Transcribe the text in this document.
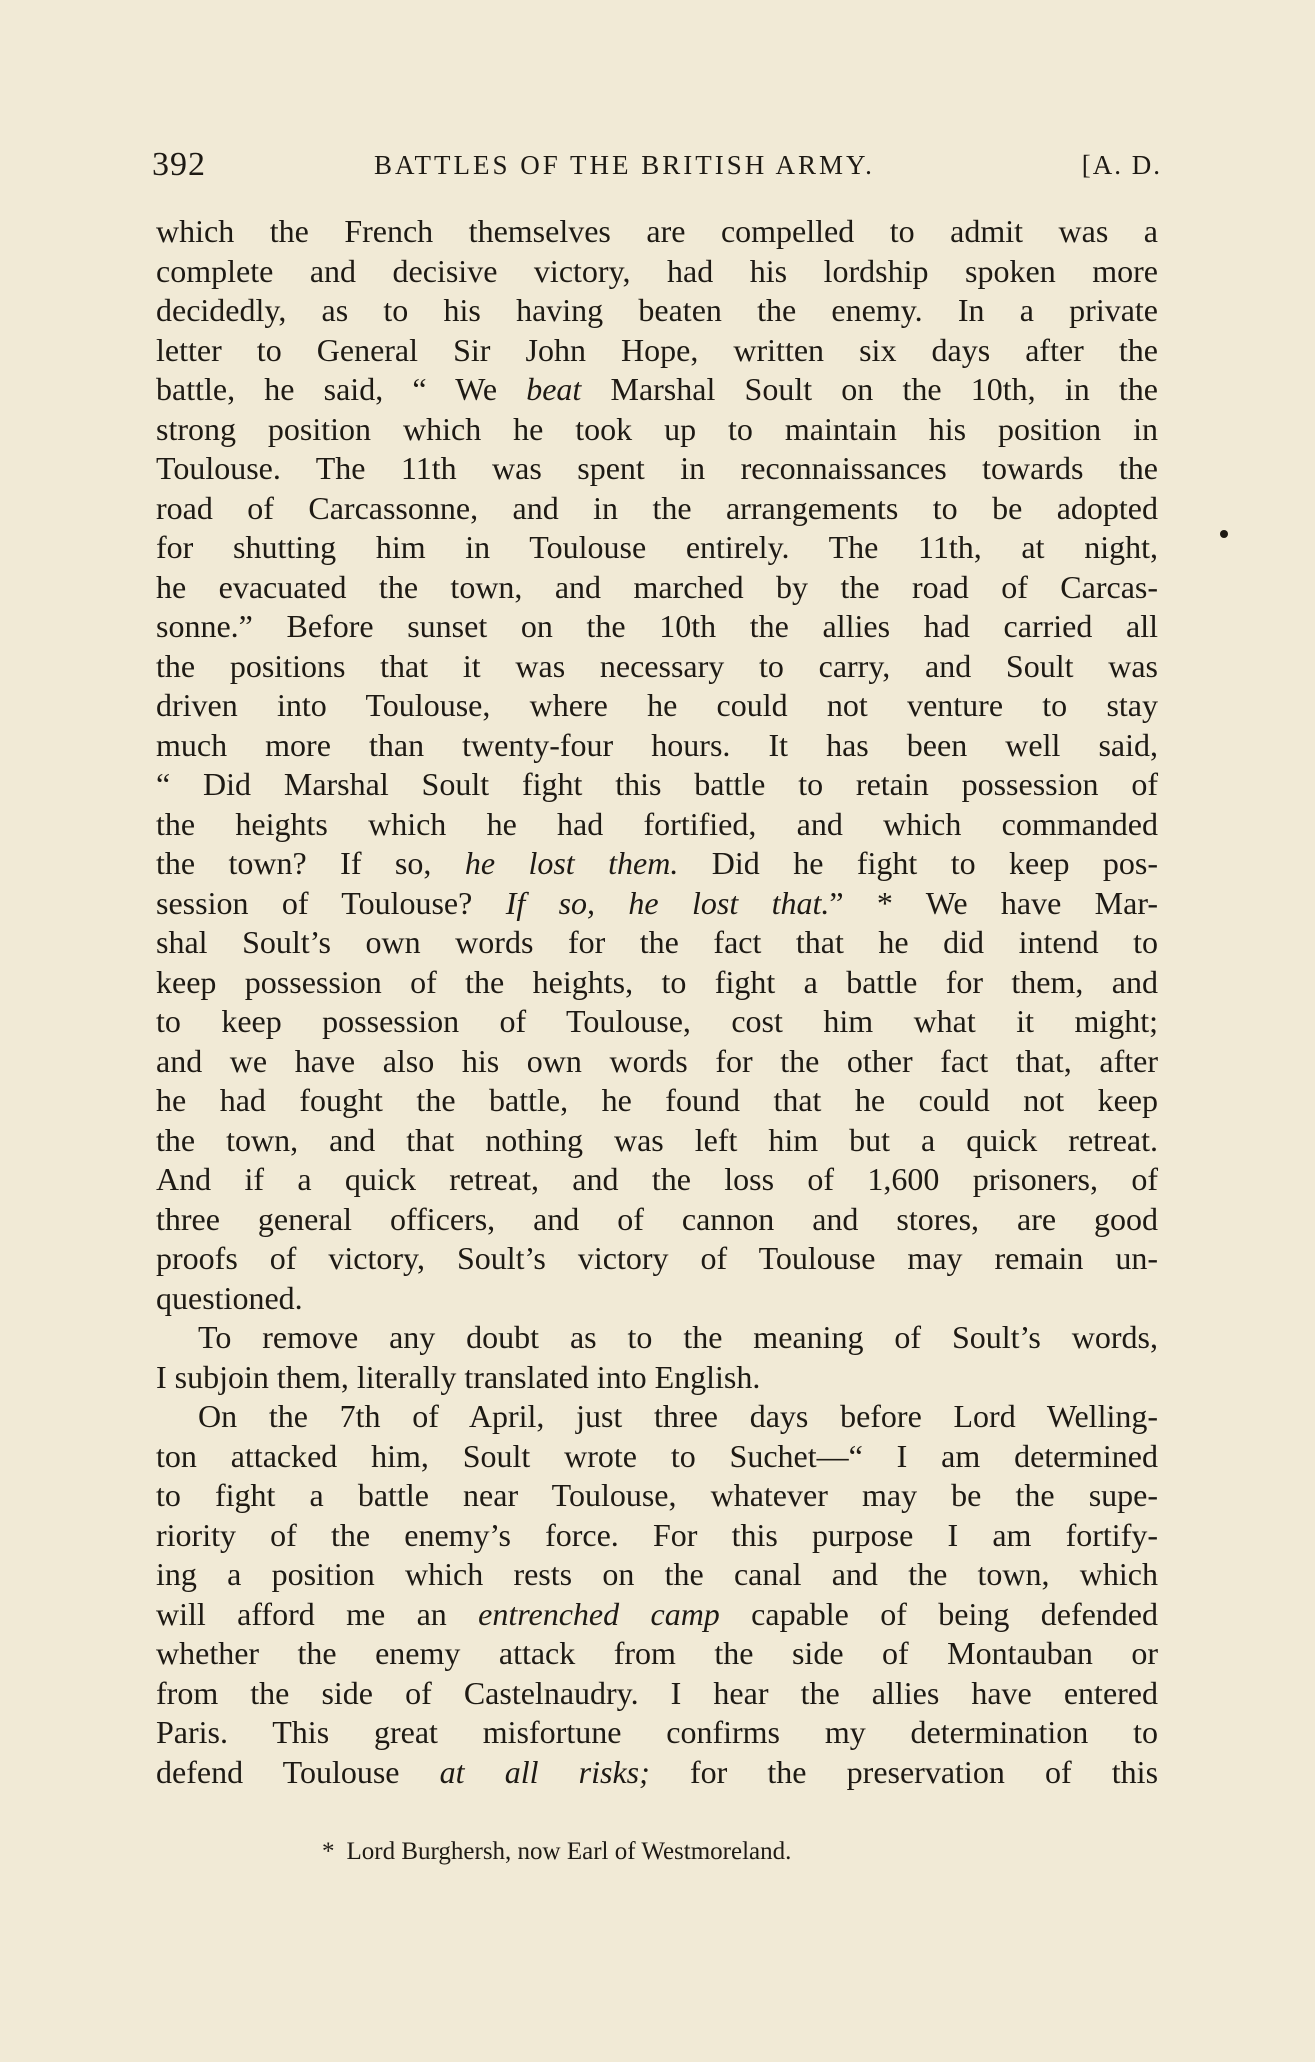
392	BATTLES OF THE BRITISH ARMY.	[A. D.
which the French themselves are compelled to admit was a
complete and decisive victory, had his lordship spoken more
decidedly, as to his having beaten the enemy. In a private
letter to General Sir John Hope, written six days after the
battle, he said, “ We beat Marshal Soult on the 10th, in the
strong position which he took up to maintain his position in
Toulouse. The 11th was spent in reconnaissances towards the
road of Carcassonne, and in the arrangements to be adopted
for shutting him in Toulouse entirely. The 11th, at night,
he evacuated the town, and marched by the road of Carcas-
sonne.” Before sunset on the 10th the allies had carried all
the positions that it was necessary to carry, and Soult was
driven into Toulouse, where he could not venture to stay
much more than twenty-four hours. It has been well said,
“ Did Marshal Soult fight this battle to retain possession of
the heights which he had fortified, and which commanded
the town? If so, he lost them. Did he fight to keep pos-
session of Toulouse? If so, he lost that.” * We have Mar-
shal Soult’s own words for the fact that he did intend to
keep possession of the heights, to fight a battle for them, and
to keep possession of Toulouse, cost him what it might;
and we have also his own words for the other fact that, after
he had fought the battle, he found that he could not keep
the town, and that nothing was left him but a quick retreat.
And if a quick retreat, and the loss of 1,600 prisoners, of
three general officers, and of cannon and stores, are good
proofs of victory, Soult’s victory of Toulouse may remain un-
questioned.
To remove any doubt as to the meaning of Soult’s words,
I subjoin them, literally translated into English.
On the 7th of April, just three days before Lord Welling-
ton attacked him, Soult wrote to Suchet—“ I am determined
to fight a battle near Toulouse, whatever may be the supe-
riority of the enemy’s force. For this purpose I am fortify-
ing a position which rests on the canal and the town, which
will afford me an entrenched camp capable of being defended
whether the enemy attack from the side of Montauban or
from the side of Castelnaudry. I hear the allies have entered
Paris. This great misfortune confirms my determination to
defend Toulouse at all risks; for the preservation of this
* Lord Burghersh, now Earl of Westmoreland.
